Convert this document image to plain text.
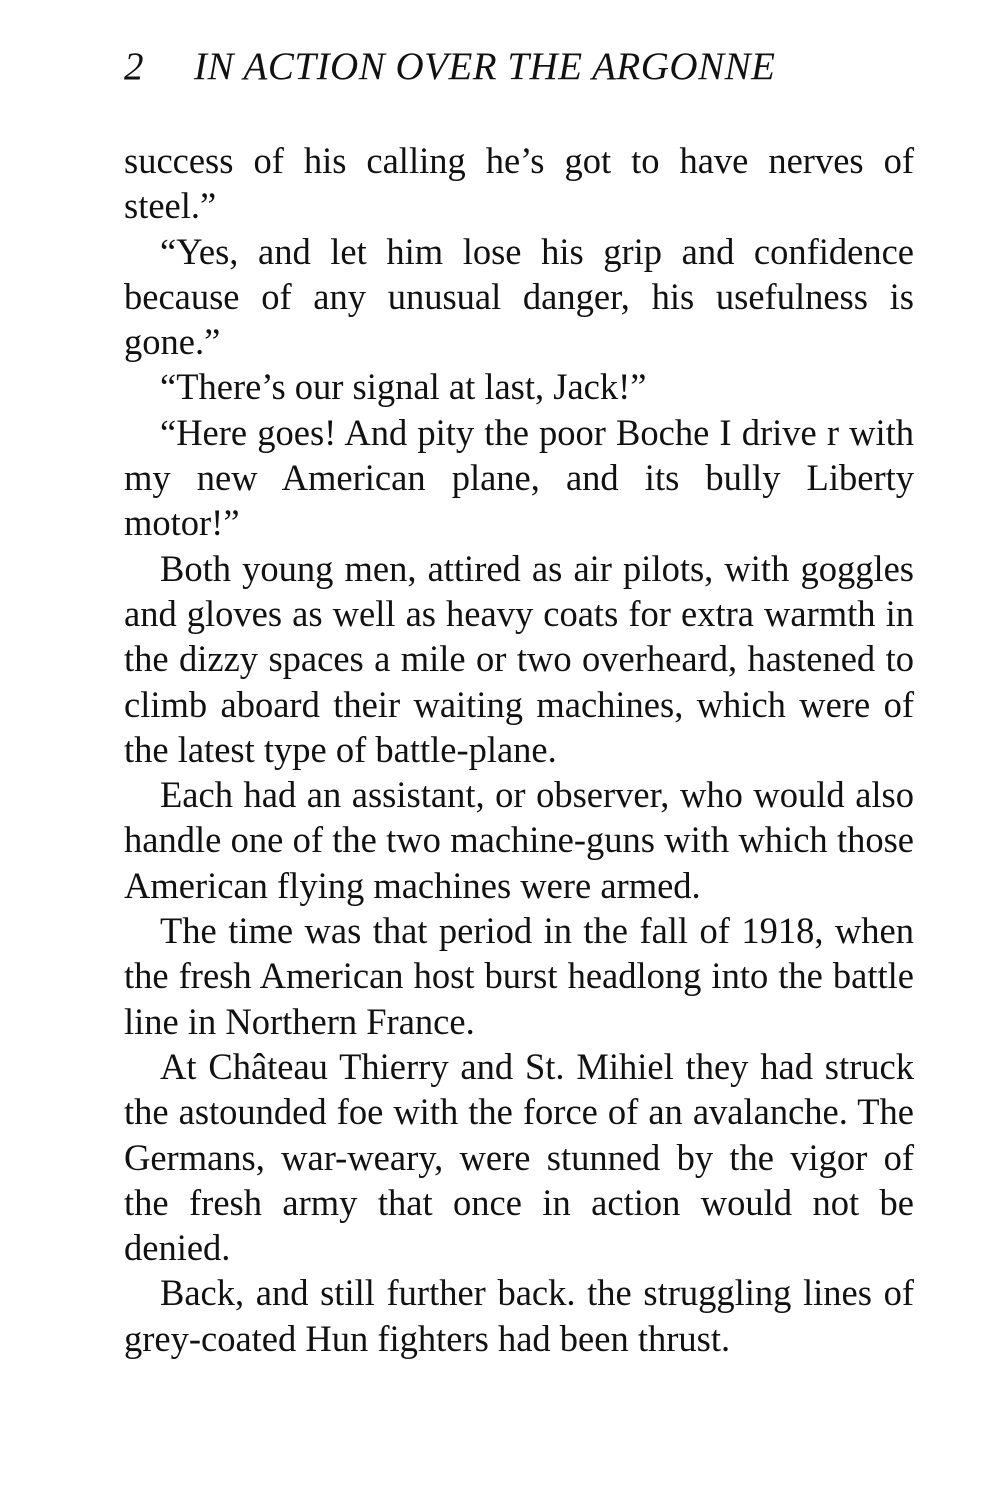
2 IN ACTION OVER THE ARGONNE

success of his calling he’s got to have nerves of steel.”

“Yes, and let him lose his grip and confidence because of any unusual danger, his usefulness is gone.”

“There’s our signal at last, Jack!”

“Here goes! And pity the poor Boche I drive r with my new American plane, and its bully Liberty motor!”

Both young men, attired as air pilots, with goggles and gloves as well as heavy coats for extra warmth in the dizzy spaces a mile or two overheard, hastened to climb aboard their waiting machines, which were of the latest type of battle-plane.

Each had an assistant, or observer, who would also handle one of the two machine-guns with which those American flying machines were armed.

The time was that period in the fall of 1918, when the fresh American host burst headlong into the battle line in Northern France.

At Château Thierry and St. Mihiel they had struck the astounded foe with the force of an avalanche. The Germans, war-weary, were stunned by the vigor of the fresh army that once in action would not be denied.

Back, and still further back. the struggling lines of grey-coated Hun fighters had been thrust.
